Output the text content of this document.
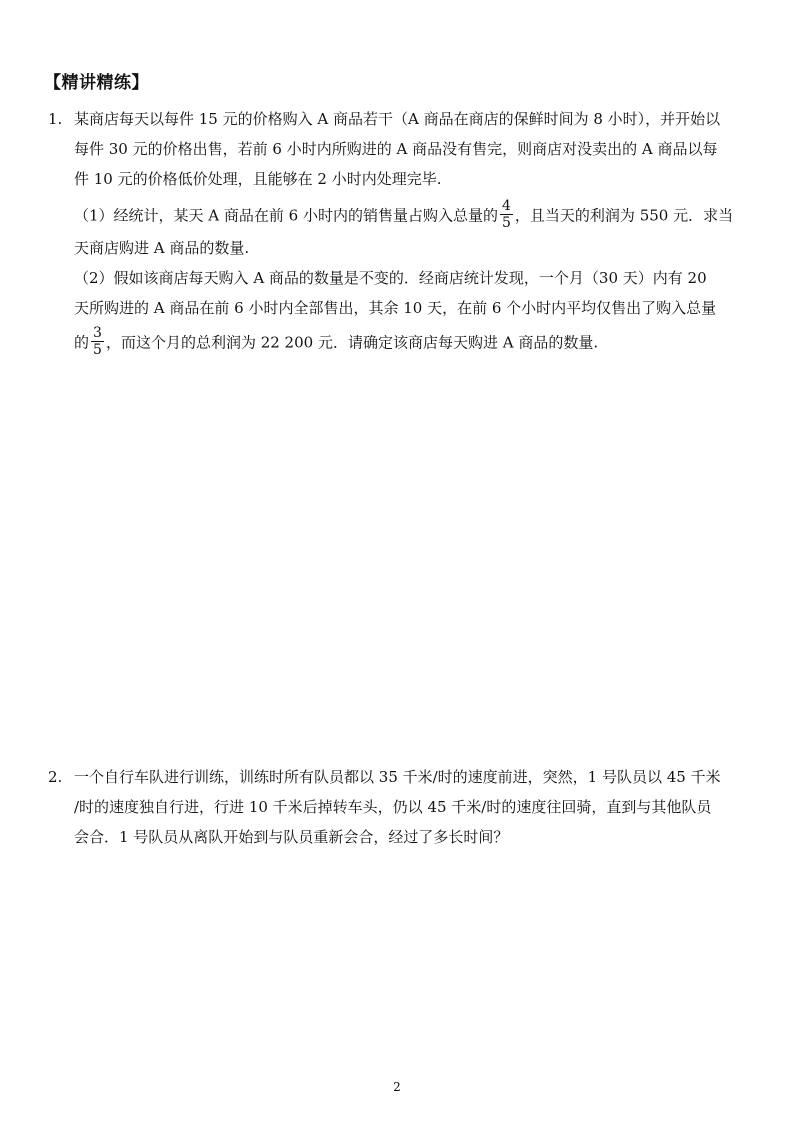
【精讲精练】
1. 某商店每天以每件 15 元的价格购入 A 商品若干（A 商品在商店的保鲜时间为 8 小时），并开始以
每件 30 元的价格出售，若前 6 小时内所购进的 A 商品没有售完，则商店对没卖出的 A 商品以每
件 10 元的价格低价处理，且能够在 2 小时内处理完毕.
（1）经统计，某天 A 商品在前 6 小时内的销售量占购入总量的 $\frac{4}{5}$ ，且当天的利润为 550 元．求当
天商店购进 A 商品的数量.
（2）假如该商店每天购入 A 商品的数量是不变的．经商店统计发现，一个月（30 天）内有 20
天所购进的 A 商品在前 6 小时内全部售出，其余 10 天，在前 6 个小时内平均仅售出了购入总量
的 $\frac{3}{5}$ ，而这个月的总利润为 22 200 元．请确定该商店每天购进 A 商品的数量.
2. 一个自行车队进行训练，训练时所有队员都以 35 千米/时的速度前进，突然，1 号队员以 45 千米
/时的速度独自行进，行进 10 千米后掉转车头，仍以 45 千米/时的速度往回骑，直到与其他队员
会合．1 号队员从离队开始到与队员重新会合，经过了多长时间？
2
